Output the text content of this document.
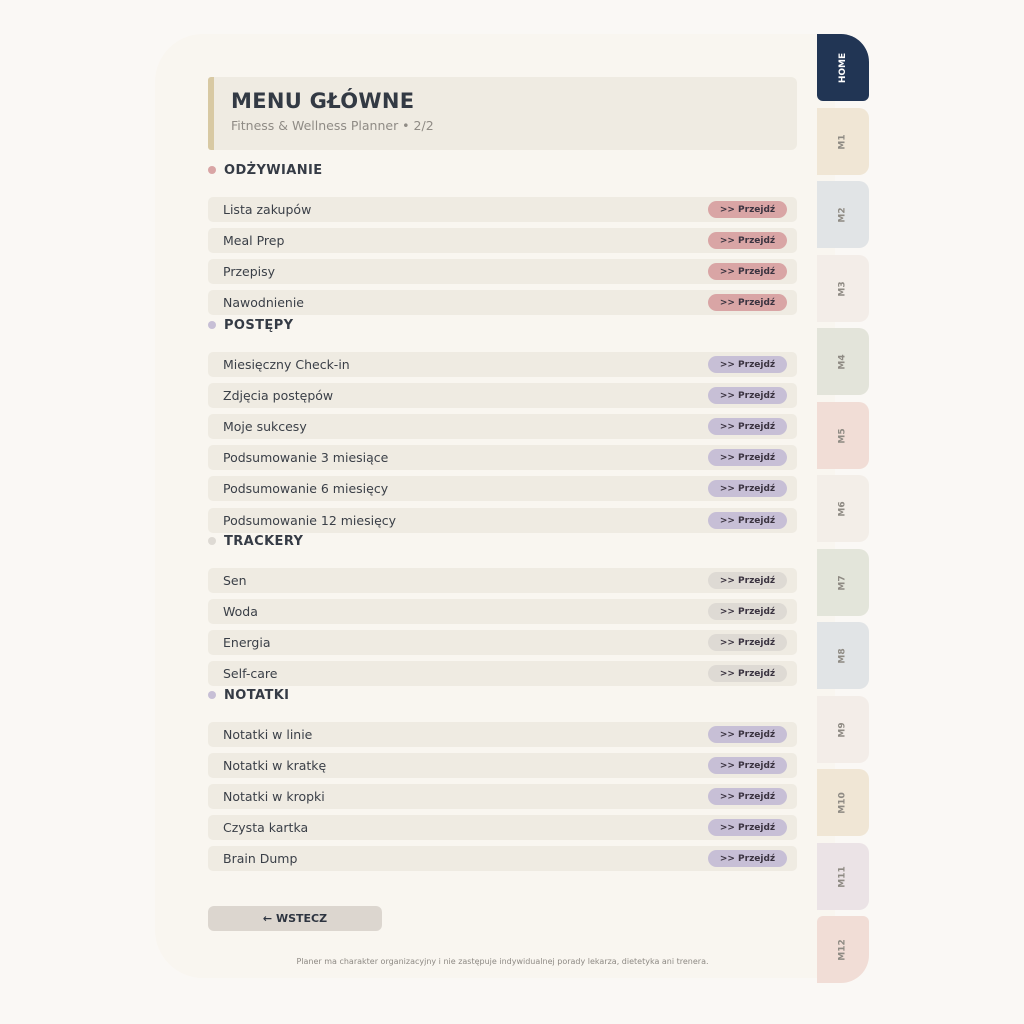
MENU GŁÓWNE
Fitness & Wellness Planner • 2/2
ODŻYWIANIE
Lista zakupów	>> Przejdź
Meal Prep	>> Przejdź
Przepisy	>> Przejdź
Nawodnienie	>> Przejdź
POSTĘPY
Miesięczny Check-in	>> Przejdź
Zdjęcia postępów	>> Przejdź
Moje sukcesy	>> Przejdź
Podsumowanie 3 miesiące	>> Przejdź
Podsumowanie 6 miesięcy	>> Przejdź
Podsumowanie 12 miesięcy	>> Przejdź
TRACKERY
Sen	>> Przejdź
Woda	>> Przejdź
Energia	>> Przejdź
Self-care	>> Przejdź
NOTATKI
Notatki w linie	>> Przejdź
Notatki w kratkę	>> Przejdź
Notatki w kropki	>> Przejdź
Czysta kartka	>> Przejdź
Brain Dump	>> Przejdź
← WSTECZ
Planer ma charakter organizacyjny i nie zastępuje indywidualnej porady lekarza, dietetyka ani trenera.
HOME
M1
M2
M3
M4
M5
M6
M7
M8
M9
M10
M11
M12
